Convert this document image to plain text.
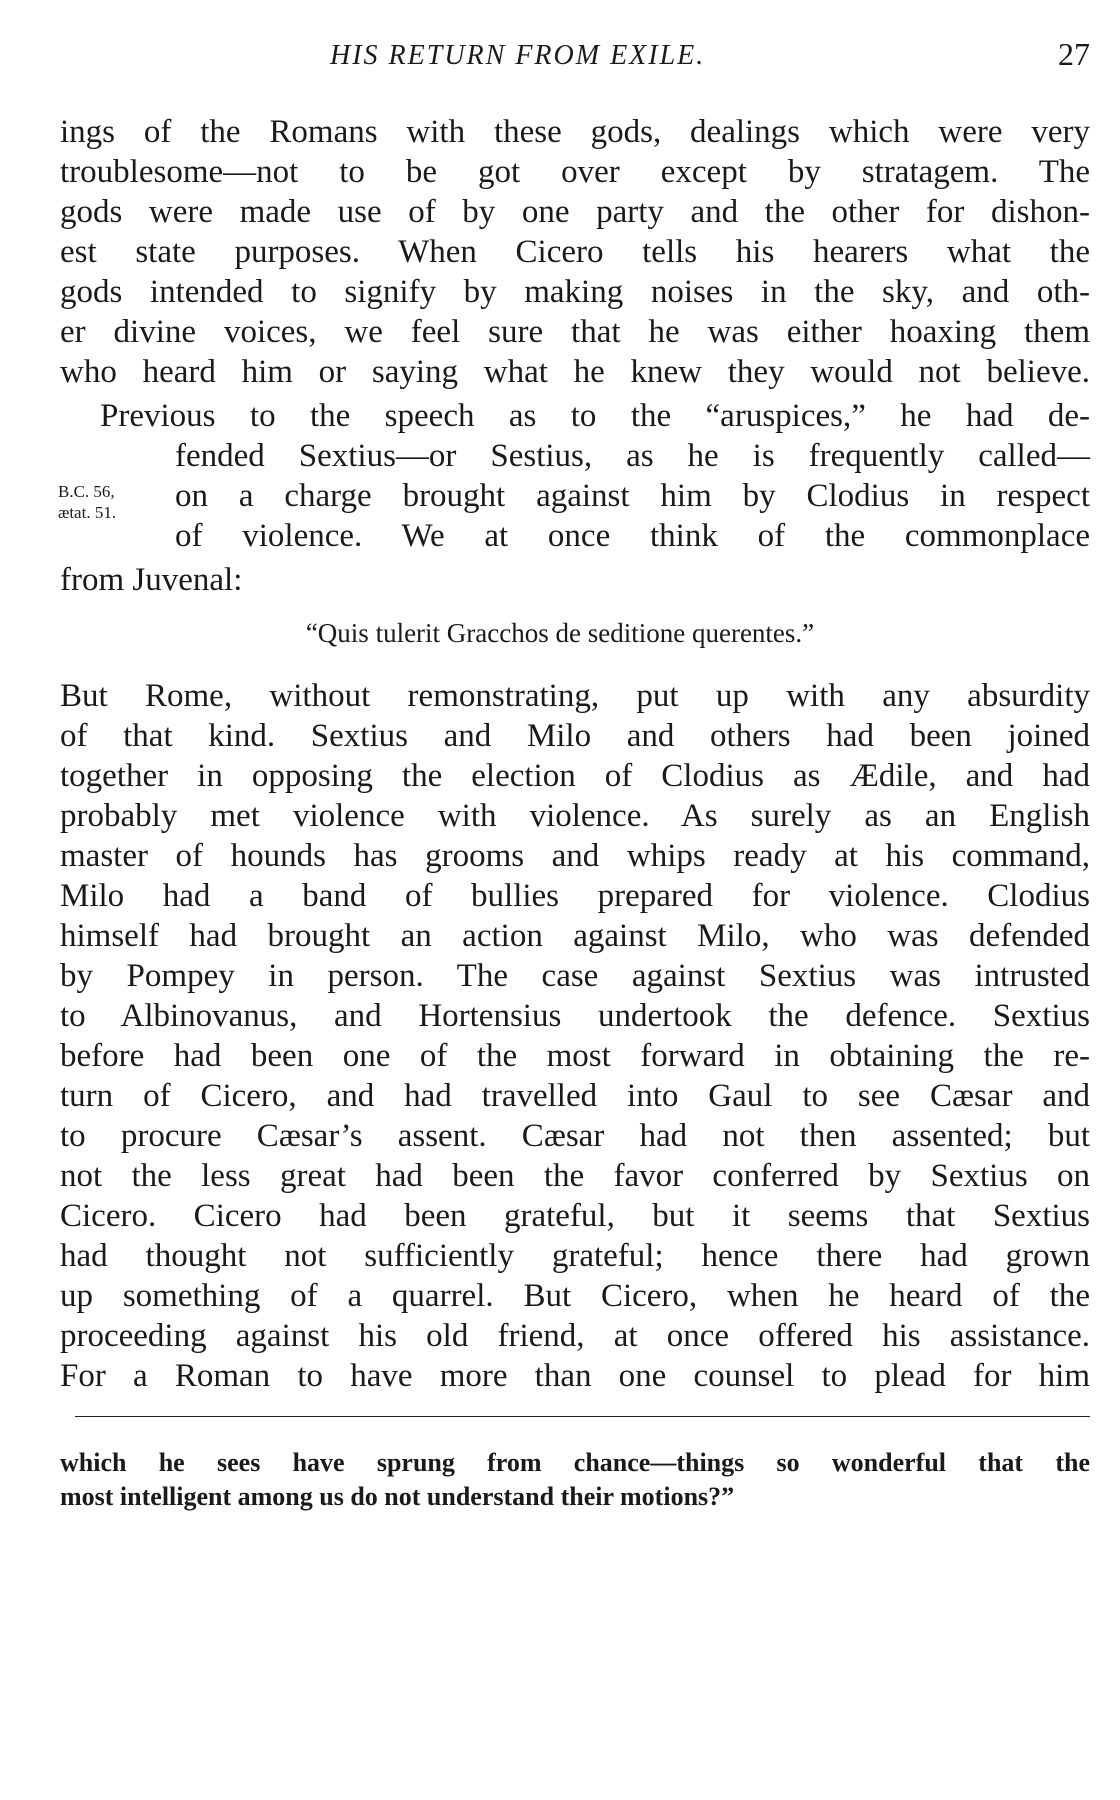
HIS RETURN FROM EXILE.	27
ings of the Romans with these gods, dealings which were very
troublesome—not to be got over except by stratagem. The
gods were made use of by one party and the other for dishon-
est state purposes. When Cicero tells his hearers what the
gods intended to signify by making noises in the sky, and oth-
er divine voices, we feel sure that he was either hoaxing them
who heard him or saying what he knew they would not believe.
Previous to the speech as to the “aruspices,” he had de-
fended Sextius—or Sestius, as he is frequently called—
on a charge brought against him by Clodius in respect
of violence. We at once think of the commonplace
from Juvenal:
B.C. 56,
ætat. 51.
“Quis tulerit Gracchos de seditione querentes.”
But Rome, without remonstrating, put up with any absurdity
of that kind. Sextius and Milo and others had been joined
together in opposing the election of Clodius as Ædile, and had
probably met violence with violence. As surely as an English
master of hounds has grooms and whips ready at his command,
Milo had a band of bullies prepared for violence. Clodius
himself had brought an action against Milo, who was defended
by Pompey in person. The case against Sextius was intrusted
to Albinovanus, and Hortensius undertook the defence. Sextius
before had been one of the most forward in obtaining the re-
turn of Cicero, and had travelled into Gaul to see Cæsar and
to procure Cæsar’s assent. Cæsar had not then assented; but
not the less great had been the favor conferred by Sextius on
Cicero. Cicero had been grateful, but it seems that Sextius
had thought not sufficiently grateful; hence there had grown
up something of a quarrel. But Cicero, when he heard of the
proceeding against his old friend, at once offered his assistance.
For a Roman to have more than one counsel to plead for him
which he sees have sprung from chance—things so wonderful that the
most intelligent among us do not understand their motions?”
